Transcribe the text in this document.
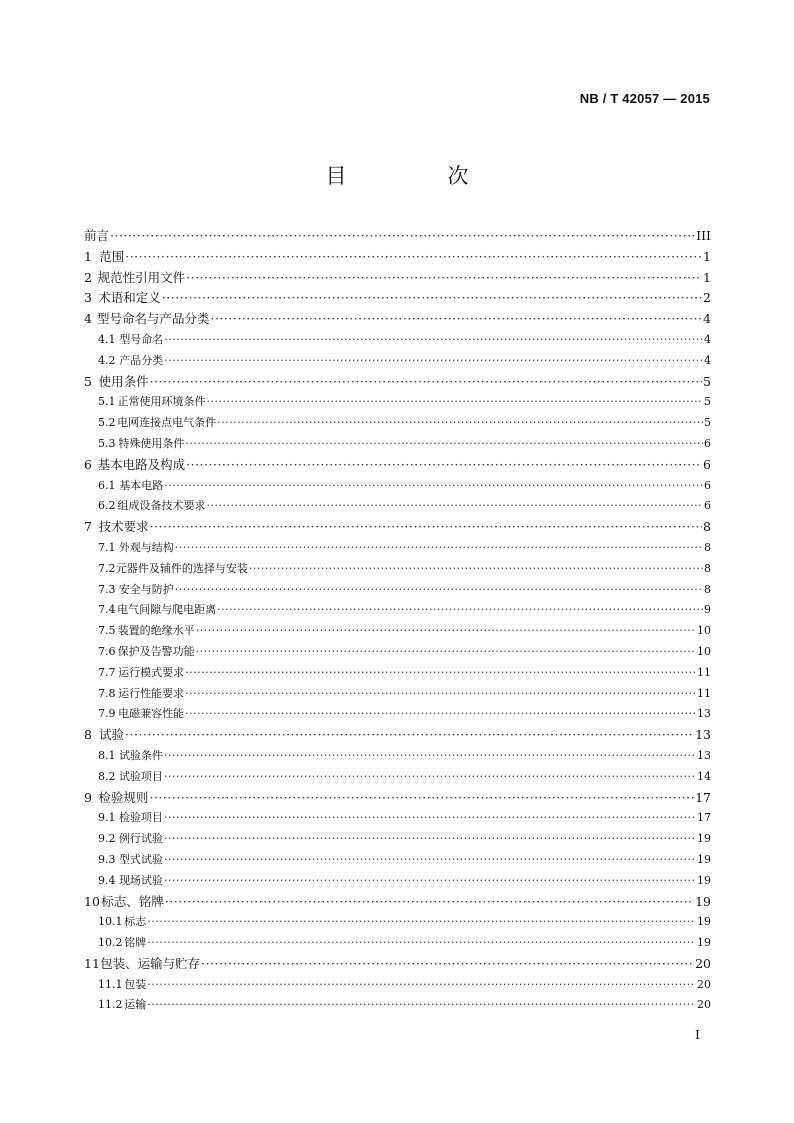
NB / T 42057 — 2015
目　次
前言 ·····	III
1 范围 ·····	1
2 规范性引用文件 ·····	1
3 术语和定义 ·····	2
4 型号命名与产品分类 ·····	4
4.1 型号命名 ·····	4
4.2 产品分类 ·····	4
5 使用条件 ·····	5
5.1 正常使用环境条件 ·····	5
5.2 电网连接点电气条件 ·····	5
5.3 特殊使用条件 ·····	6
6 基本电路及构成 ·····	6
6.1 基本电路 ·····	6
6.2 组成设备技术要求 ·····	6
7 技术要求 ·····	8
7.1 外观与结构 ·····	8
7.2 元器件及辅件的选择与安装 ·····	8
7.3 安全与防护 ·····	8
7.4 电气间隙与爬电距离 ·····	9
7.5 装置的绝缘水平 ·····	10
7.6 保护及告警功能 ·····	10
7.7 运行模式要求 ·····	11
7.8 运行性能要求 ·····	11
7.9 电磁兼容性能 ·····	13
8 试验 ·····	13
8.1 试验条件 ·····	13
8.2 试验项目 ·····	14
9 检验规则 ·····	17
9.1 检验项目 ·····	17
9.2 例行试验 ·····	19
9.3 型式试验 ·····	19
9.4 现场试验 ·····	19
10 标志、铭牌 ·····	19
10.1 标志 ·····	19
10.2 铭牌 ·····	19
11 包装、运输与贮存 ·····	20
11.1 包装 ·····	20
11.2 运输 ·····	20
I
